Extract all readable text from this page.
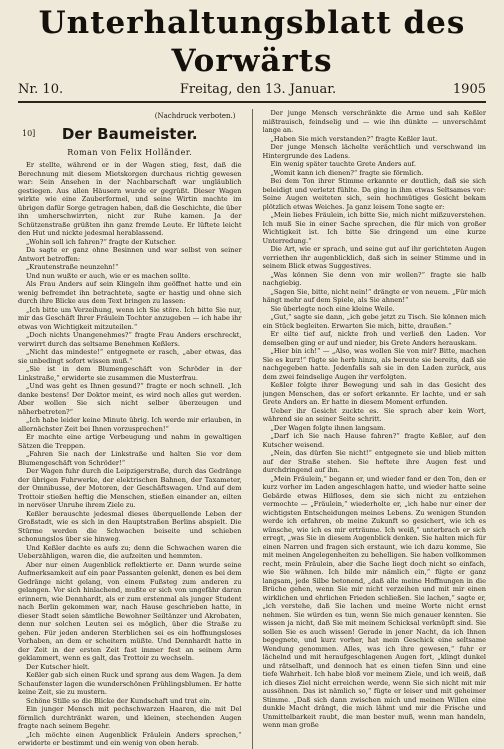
Unterhaltungsblatt des Vorwärts
Nr. 10.	Freitag, den 13. Januar.	1905
(Nachdruck verboten.)
10]	Der Baumeister.
Roman von Felix Holländer.

Er stellte, während er in der Wagen stieg, fest, daß die Berechnung mit diesem Mietskorgen durchaus richtig gewesen war: Sein Ansehen in der Nachbarschaft war ungläublich gestiegen. Aus allen Häusern wurde er gegrüßt. Dieser Wagen wirkte wie eine Zauberformel, und seine Wirtin machte im übrigen dafür Sorge getragen haben, daß die Geschichte, die über ihn umherschwirrten, nicht zur Ruhe kamen. Ja der Schützenstraße grüßten ihn ganz fremde Leute. Er lüftete leicht den Hut und nickte jedesmal herablassend.

„Wohin soll ich fahren?“ fragte der Kutscher.

Da sagte er ganz ohne Besinnen und war selbst von seiner Antwort betroffen:

„Krautenstraße neunzehn!“

Und nun wußte er auch, wie er es machen sollte.

Als Frau Anders auf sein Klingeln ihm geöffnet hatte und ein wenig befremdet ihn betrachtete, sagte er hastig und ohne sich durch ihre Blicke aus dem Text bringen zu lassen:

„Ich bitte um Verzeihung, wenn ich Sie störe. Ich bitte Sie nur, mir das Geschäft Ihrer Fräulein Tochter anzugeben — ich habe ihr etwas von Wichtigkeit mitzuteilen.“

„Doch nichts Unangenehmes?“ fragte Frau Anders erschreckt, verwirrt durch das seltsame Benehmen Keßlers.

„Nicht das mindeste!“ entgegnete er rasch, „aber etwas, das sie unbedingt sofort wissen muß.“

„Sie ist in dem Blumengeschäft von Schröder in der Linkstraße,“ erwiderte sie zusammen die Musterfrau.

„Und was geht es Ihnen gesund?“ fragte er noch schnell. „Ich danke bestens! Der Doktor meint, es wird noch alles gut werden. Aber wollen Sie sich nicht selber überzeugen und näherbetreten?“

„Ich habe leider keine Minute übrig. Ich werde mir erlauben, in allernächster Zeit bei Ihnen vorzusprechen!“

Er machte eine artige Verbeugung und nahm in gewaltigen Sätzen die Treppen.

„Fahren Sie nach der Linkstraße und halten Sie vor dem Blumengeschäft von Schröder!“

Der Wagen fuhr durch die Leipzigerstraße, durch das Gedränge der übrigen Fuhrwerke, der elektrischen Bahnen, der Taxameter, der Omnibusse, der Motoren, der Geschäftswagen. Und auf dem Trottoir stießen heftig die Menschen, stießen einander an, eilten in nervöser Unruhe ihrem Ziele zu.

Keßler berauschte jedesmal dieses überquellende Leben der Großstadt, wie es sich in den Hauptstraßen Berlins abspielt. Die Stürme werden die Schwachen beiseite und schieben schonungslos über sie hinweg.

Und Keßler dachte es aufs zu; denn die Schwachen waren die Ueberzähligen, waren die, die aufzeiten und hemmten.

Aber nur einen Augenblick reflektierte er. Dann wurde seine Aufmerksamkeit auf ein paar Passanten gelenkt, denen es bei dem Gedränge nicht gelang, von einem Fußsteg zum anderen zu gelangen. Vor sich hinlachend, mußte er sich von ungefähr daran erinnern, wie Dennhardt, als er zum erstenmal als junger Student nach Berlin gekommen war, nach Hause geschrieben hatte, in dieser Stadt seien sämtliche Bewohner Seiltänzer und Akrobaten, denn nur solchen Leuten sei es möglich, über die Straße zu gehen. Für jeden anderen Sterblichen sei es ein hoffnungsloses Vorhaben, an dem er scheitern müßte. Und Dennhardt hatte in der Zeit in der ersten Zeit fast immer fest an seinem Arm geklammert, wenn es galt, das Trottoir zu wechseln.

Der Kutscher hielt.

Keßler gab sich einen Ruck und sprang aus dem Wagen. Ja dem Schaufenster lagen die wunderschönen Frühlingsblumen. Er hatte keine Zeit, sie zu mustern.

Schöne Stille so die Blicke der Kundschaft und trat ein.

Ein junger Mensch mit pechschwarzen Haaren, die mit Del förmlich durchtränkt waren, und kleinen, stechenden Augen fragte nach seinem Begehr.

„Ich möchte einen Augenblick Fräulein Anders sprechen,“ erwiderte er bestimmt und ein wenig von oben herab.

Der junge Mensch verschränkte die Arme und sah Keßler mißtrauisch, feindselig und — wie ihn dünkte — unverschämt lange an.

„Haben Sie mich verstanden?“ fragte Keßler laut.

Der junge Mensch lächelte verächtlich und verschwand im Hintergrunde des Ladens.

Ein wenig später tauchte Grete Anders auf.

„Womit kann ich dienen?“ fragte sie förmlich.

Bei dem Ton ihrer Stimme erkannte er deutlich, daß sie sich beleidigt und verletzt fühlte. Da ging in ihm etwas Seltsames vor: Seine Augen weiteten sich, sein hochmütiges Gesicht bekam plötzlich etwas Weiches. Ja ganz leisem Tone sagte er:

„Mein liebes Fräulein, ich bitte Sie, mich nicht mißzuverstehen. Ich muß Sie in einer Sache sprechen, die für mich von großer Wichtigkeit ist. Ich bitte Sie dringend um eine kurze Unterredung.“

Die Art, wie er sprach, und seine gut auf ihr gerichteten Augen verriethen ihr augenblicklich, daß sich in seiner Stimme und in seinem Blick etwas Suggestives.

„Was können Sie denn von mir wollen?“ fragte sie halb nachgiebig.

„Sagen Sie, bitte, nicht nein!“ drängte er von neuem. „Für mich hängt mehr auf dem Spiele, als Sie ahnen!“

Sie überlegte noch eine kleine Weile.

„Gut,“ sagte sie dann, „ich gebe jetzt zu Tisch. Sie können mich ein Stück begleiten. Erwarten Sie mich, bitte, draußen.“

Er eilte tief auf, nickte froh und verließ den Laden. Vor demselben ging er auf und nieder, bis Grete Anders herauskam.

„Hier bin ich!“ — „Also, was wollen Sie von mir? Bitte, machen Sie es kurz!“ fügte sie herb hinzu, als bereute sie bereits, daß sie nachgegeben hatte. Jedenfalls sah sie in den Laden zurück, aus dem zwei feindselige Augen ihr verfolgten.

Keßler folgte ihrer Bewegung und sah in das Gesicht des jungen Menschen, das er sofort erkannte. Er lachte, und er sah Grete Anders an. Er hatte in diesem Moment erfunden.

Ueber ihr Gesicht zuckte es. Sie sprach aber kein Wort, während sie an seiner Seite schritt.

„Der Wagen folgte ihnen langsam.

„Darf ich Sie nach Hause fahren?“ fragte Keßler, auf den Kutscher weisend.

„Nein, das dürfen Sie nicht!“ entgegnete sie und blieb mitten auf der Straße stehen. Sie heftete ihre Augen fest und durchdringend auf ihn.

„Mein Fräulein,“ begann er, und wieder fand er den Ton, den er kurz vorher im Laden angeschlagen hatte, und wieder hatte seine Gebärde etwas Hilfloses, dem sie sich nicht zu entziehen vermochte — „Fräulein,“ wiederholte er, „ich habe nur einer der wichtigsten Entscheidungen meines Lebens. Zu wenigen Stunden werde ich erfahren, ob meine Zukunft so gesichert, wie ich es wünsche, wie ich es mir erträume. Ich weiß,“ unterbrach er sich erregt, „was Sie in diesem Augenblick denken. Sie halten mich für einen Narren und fragen sich erstaunt, wie ich dazu komme, Sie mit meinen Angelegenheiten zu behelligen. Sie haben vollkommen recht, mein Fräulein, aber die Sache liegt doch nicht so einfach, wie Sie wähnen. Ich bilde mir nämlich ein,“ fügte er ganz langsam, jede Silbe betonend, „daß alle meine Hoffnungen in die Brüche gehen, wenn Sie mir nicht verzeihen und mit mir einen wirklichen und ehrlichen Frieden schließen. Sie lachen,“ sagte er, „ich verstehe, daß Sie lachen und meine Worte nicht ernst nehmen. Sie würden es tun, wenn Sie mich genauer kennten. Sie wissen ja nicht, daß Sie mit meinem Schicksal verknüpft sind. Sie sollen Sie es auch wissen! Gerade in jener Nacht, da ich Ihnen begegnete, und kurz vorher, hat mein Geschick eine seltsame Wendung genommen. Alles, was ich ihre gewesen,“ fuhr er lächelnd und mit heraufgeschlagenen Augen fort, „klingt dunkel und rätselhaft, und dennoch hat es einen tiefen Sinn und eine tiefe Wahrheit. Ich habe bloß vor meinem Ziele, und ich weiß, daß ich dieses Ziel nicht erreichen werde, wenn Sie sich nicht mit mir aussöhnen. Das ist nämlich so,“ fügte er leiser und mit geheimer Stimme. „Daß sich dann zwischen mich und meinen Willen eine dunkle Macht drängt, die mich lähmt und mir die Frische und Unmittelbarkeit raubt, die man bester muß, wenn man handeln, wenn man große
